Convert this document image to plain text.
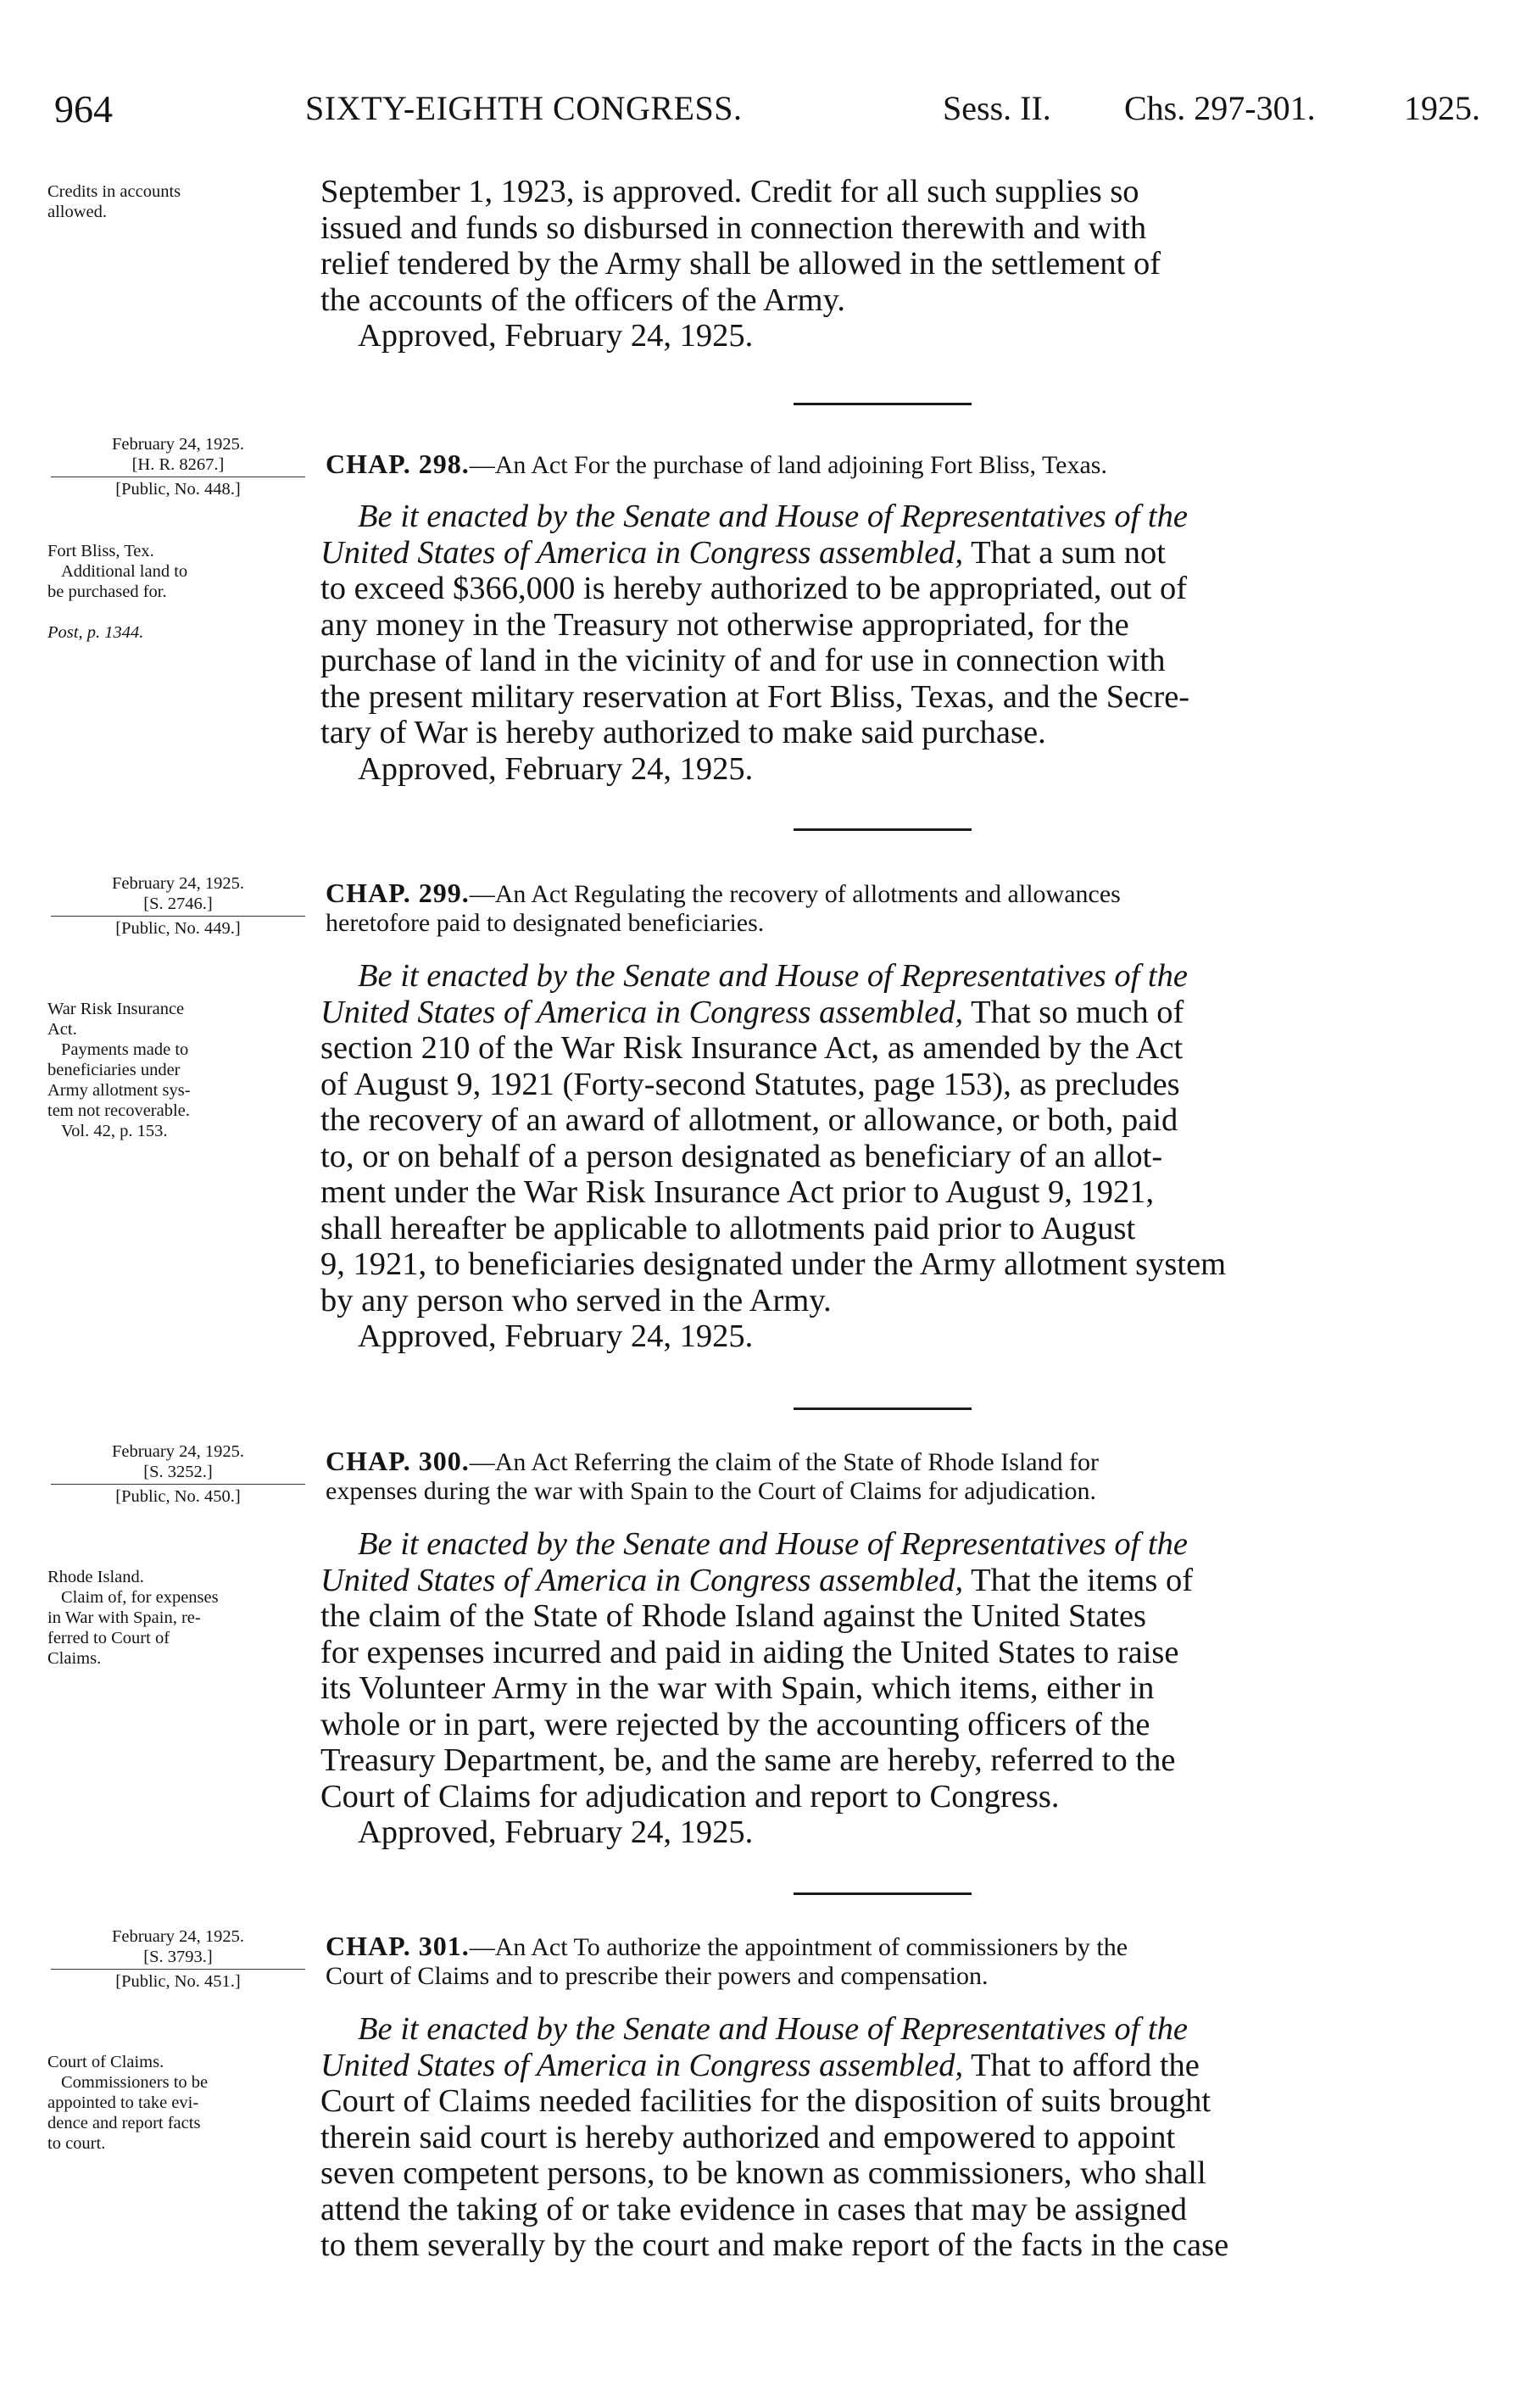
964	SIXTY-EIGHTH CONGRESS.	Sess. II. Chs. 297-301.	1925.
Credits in accounts
allowed.
September 1, 1923, is approved. Credit for all such supplies so
issued and funds so disbursed in connection therewith and with
relief tendered by the Army shall be allowed in the settlement of
the accounts of the officers of the Army.
Approved, February 24, 1925.
February 24, 1925.
[H. R. 8267.]
[Public, No. 448.]
CHAP. 298.—An Act For the purchase of land adjoining Fort Bliss, Texas.
Fort Bliss, Tex.
Additional land to
be purchased for.

Post, p. 1344.
Be it enacted by the Senate and House of Representatives of the
United States of America in Congress assembled, That a sum not
to exceed $366,000 is hereby authorized to be appropriated, out of
any money in the Treasury not otherwise appropriated, for the
purchase of land in the vicinity of and for use in connection with
the present military reservation at Fort Bliss, Texas, and the Secre-
tary of War is hereby authorized to make said purchase.
Approved, February 24, 1925.
February 24, 1925.
[S. 2746.]
[Public, No. 449.]
CHAP. 299.—An Act Regulating the recovery of allotments and allowances
heretofore paid to designated beneficiaries.
War Risk Insurance
Act.
Payments made to
beneficiaries under
Army allotment sys-
tem not recoverable.
Vol. 42, p. 153.
Be it enacted by the Senate and House of Representatives of the
United States of America in Congress assembled, That so much of
section 210 of the War Risk Insurance Act, as amended by the Act
of August 9, 1921 (Forty-second Statutes, page 153), as precludes
the recovery of an award of allotment, or allowance, or both, paid
to, or on behalf of a person designated as beneficiary of an allot-
ment under the War Risk Insurance Act prior to August 9, 1921,
shall hereafter be applicable to allotments paid prior to August
9, 1921, to beneficiaries designated under the Army allotment system
by any person who served in the Army.
Approved, February 24, 1925.
February 24, 1925.
[S. 3252.]
[Public, No. 450.]
CHAP. 300.—An Act Referring the claim of the State of Rhode Island for
expenses during the war with Spain to the Court of Claims for adjudication.
Rhode Island.
Claim of, for expenses
in War with Spain, re-
ferred to Court of
Claims.
Be it enacted by the Senate and House of Representatives of the
United States of America in Congress assembled, That the items of
the claim of the State of Rhode Island against the United States
for expenses incurred and paid in aiding the United States to raise
its Volunteer Army in the war with Spain, which items, either in
whole or in part, were rejected by the accounting officers of the
Treasury Department, be, and the same are hereby, referred to the
Court of Claims for adjudication and report to Congress.
Approved, February 24, 1925.
February 24, 1925.
[S. 3793.]
[Public, No. 451.]
CHAP. 301.—An Act To authorize the appointment of commissioners by the
Court of Claims and to prescribe their powers and compensation.
Court of Claims.
Commissioners to be
appointed to take evi-
dence and report facts
to court.
Be it enacted by the Senate and House of Representatives of the
United States of America in Congress assembled, That to afford the
Court of Claims needed facilities for the disposition of suits brought
therein said court is hereby authorized and empowered to appoint
seven competent persons, to be known as commissioners, who shall
attend the taking of or take evidence in cases that may be assigned
to them severally by the court and make report of the facts in the case
